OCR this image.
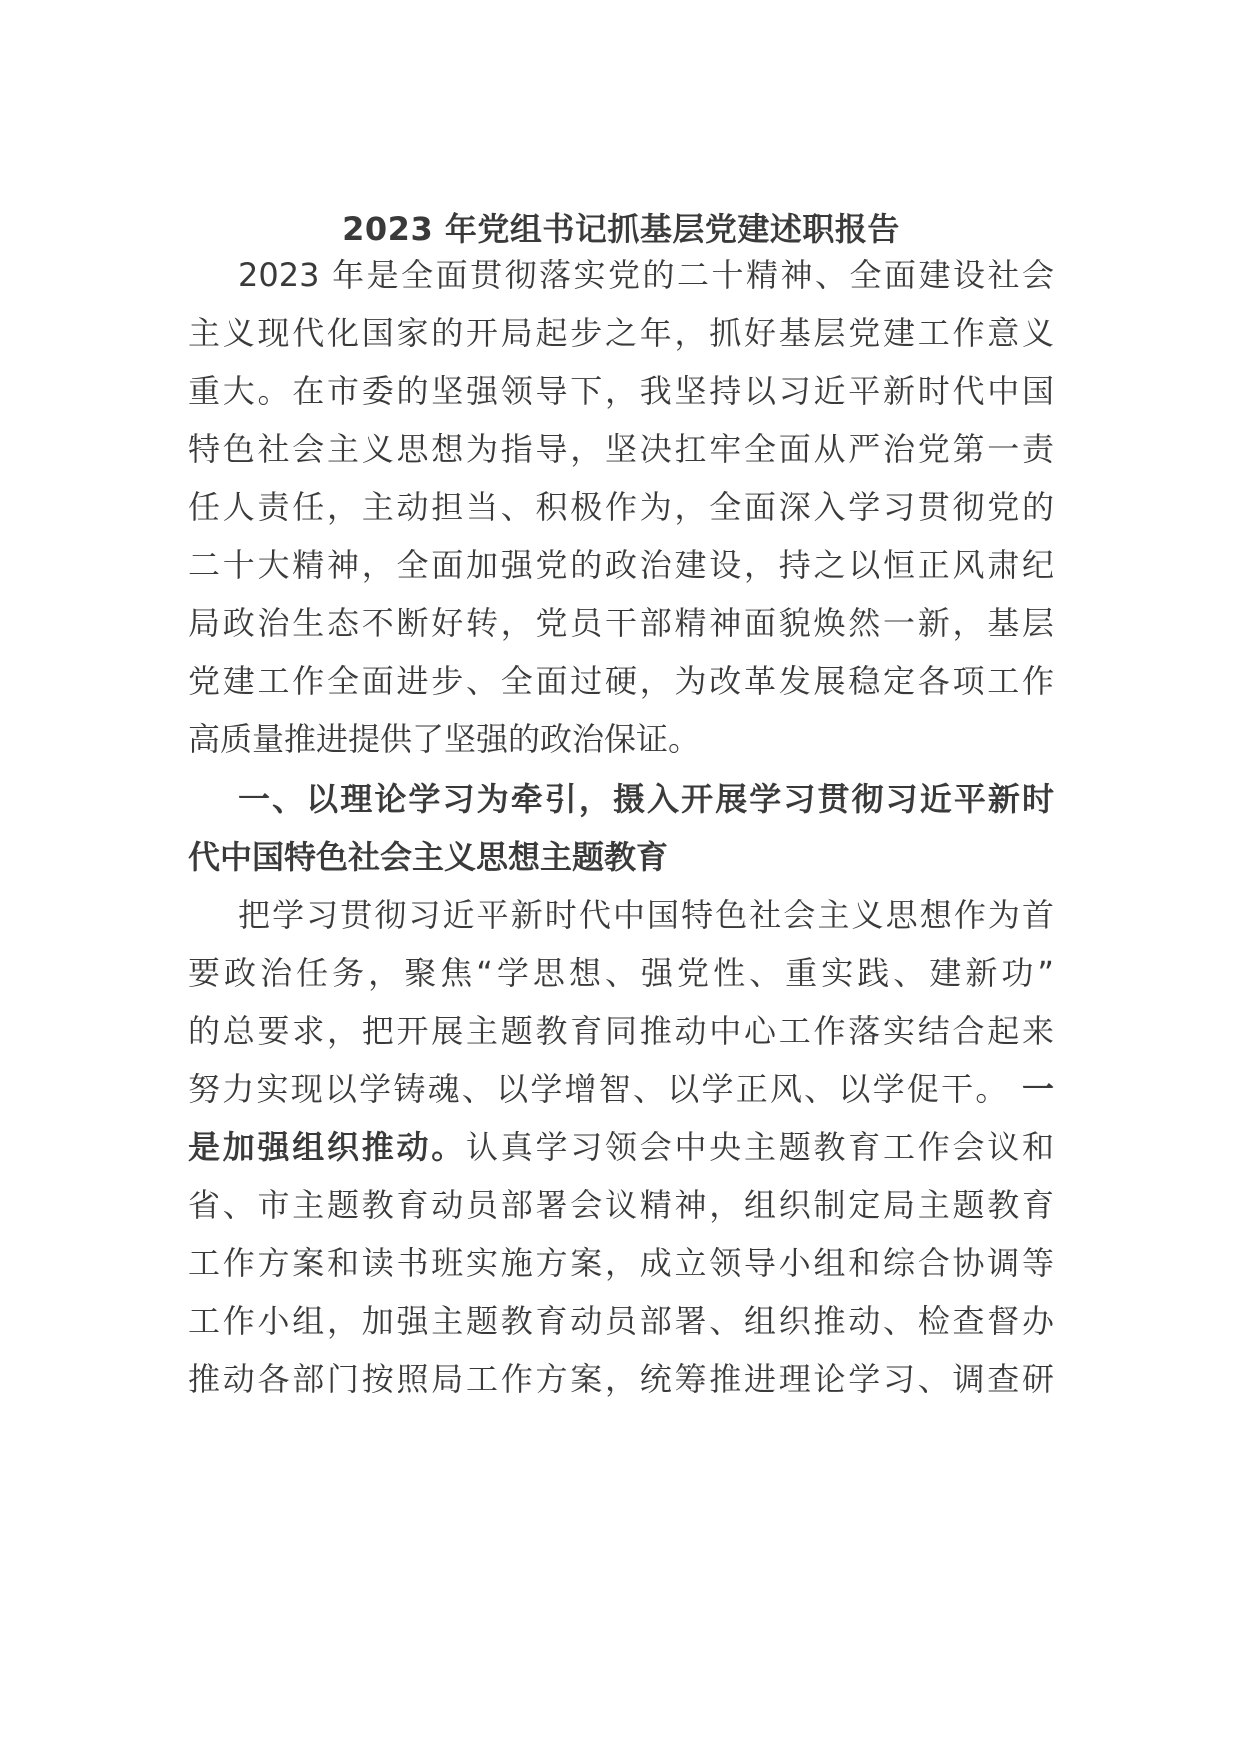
2023 年党组书记抓基层党建述职报告
2023 年是全面贯彻落实党的二十精神、全面建设社会
主义现代化国家的开局起步之年，抓好基层党建工作意义
重大。在市委的坚强领导下，我坚持以习近平新时代中国
特色社会主义思想为指导，坚决扛牢全面从严治党第一责
任人责任，主动担当、积极作为，全面深入学习贯彻党的
二十大精神，全面加强党的政治建设，持之以恒正风肃纪
局政治生态不断好转，党员干部精神面貌焕然一新，基层
党建工作全面进步、全面过硬，为改革发展稳定各项工作
高质量推进提供了坚强的政治保证。
一、以理论学习为牵引，摄入开展学习贯彻习近平新时
代中国特色社会主义思想主题教育
把学习贯彻习近平新时代中国特色社会主义思想作为首
要政治任务，聚焦“学思想、强党性、重实践、建新功”
的总要求，把开展主题教育同推动中心工作落实结合起来
努力实现以学铸魂、以学增智、以学正风、以学促干。 一
是加强组织推动。认真学习领会中央主题教育工作会议和
省、市主题教育动员部署会议精神，组织制定局主题教育
工作方案和读书班实施方案，成立领导小组和综合协调等
工作小组，加强主题教育动员部署、组织推动、检查督办
推动各部门按照局工作方案，统筹推进理论学习、调查研
